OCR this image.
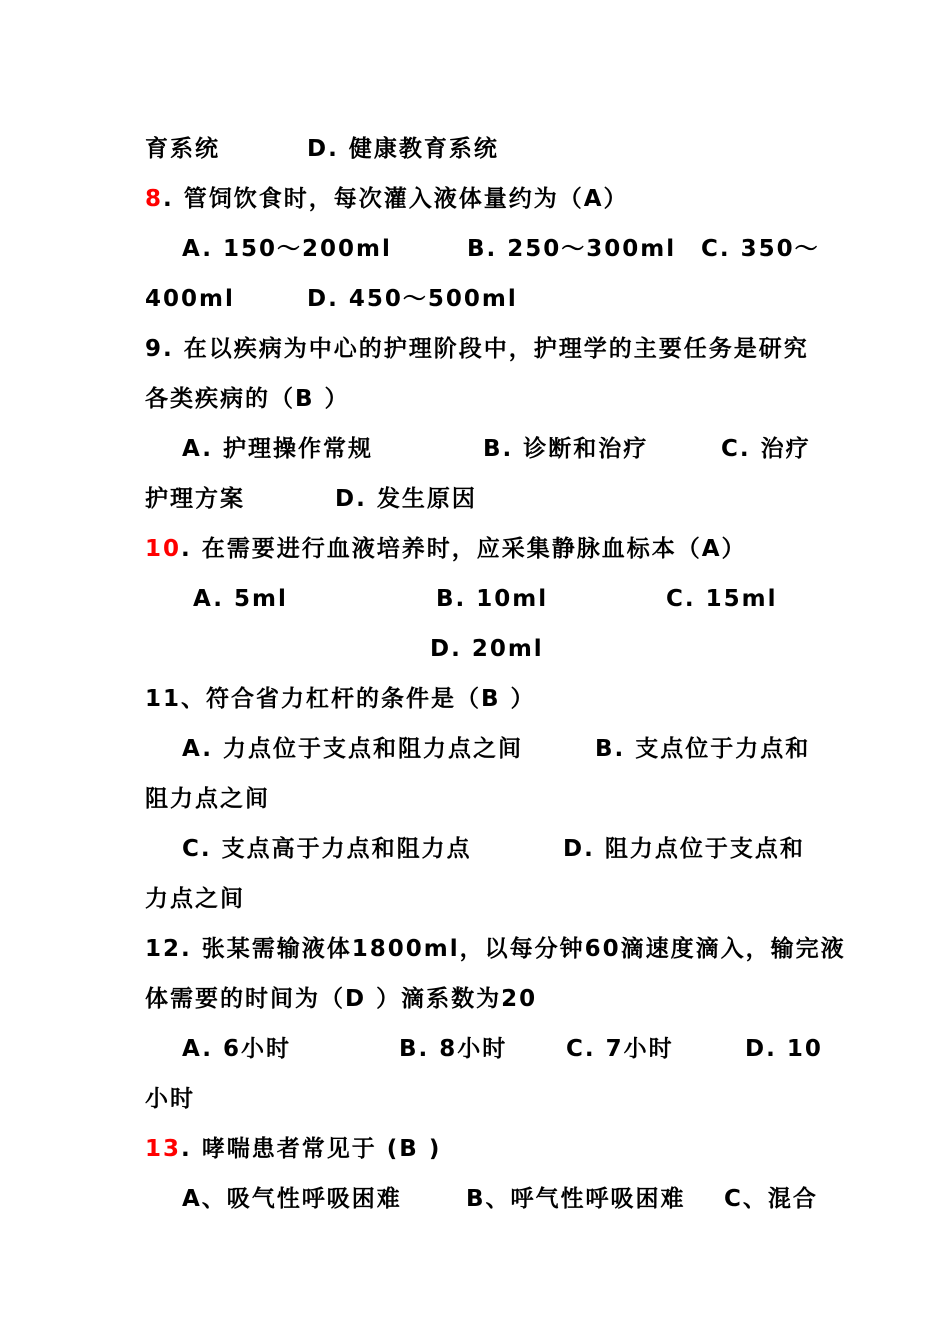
育系统	D. 健康教育系统
8. 管饲饮食时，每次灌入液体量约为（A）
A. 150～200ml	B. 250～300ml C. 350～
400ml	D. 450～500ml
9. 在以疾病为中心的护理阶段中，护理学的主要任务是研究
各类疾病的（B ）
A. 护理操作常规	B. 诊断和治疗	C. 治疗
护理方案	D. 发生原因
10. 在需要进行血液培养时，应采集静脉血标本（A）
A. 5ml	B. 10ml	C. 15ml
D. 20ml
11、符合省力杠杆的条件是（B ）
A. 力点位于支点和阻力点之间	B. 支点位于力点和
阻力点之间
C. 支点高于力点和阻力点	D. 阻力点位于支点和
力点之间
12. 张某需输液体1800ml，以每分钟60滴速度滴入，输完液
体需要的时间为（D ）滴系数为20
A. 6小时	B. 8小时	C. 7小时	D. 10
小时
13. 哮喘患者常见于 (B )
A、吸气性呼吸困难	B、呼气性呼吸困难 C、混合
